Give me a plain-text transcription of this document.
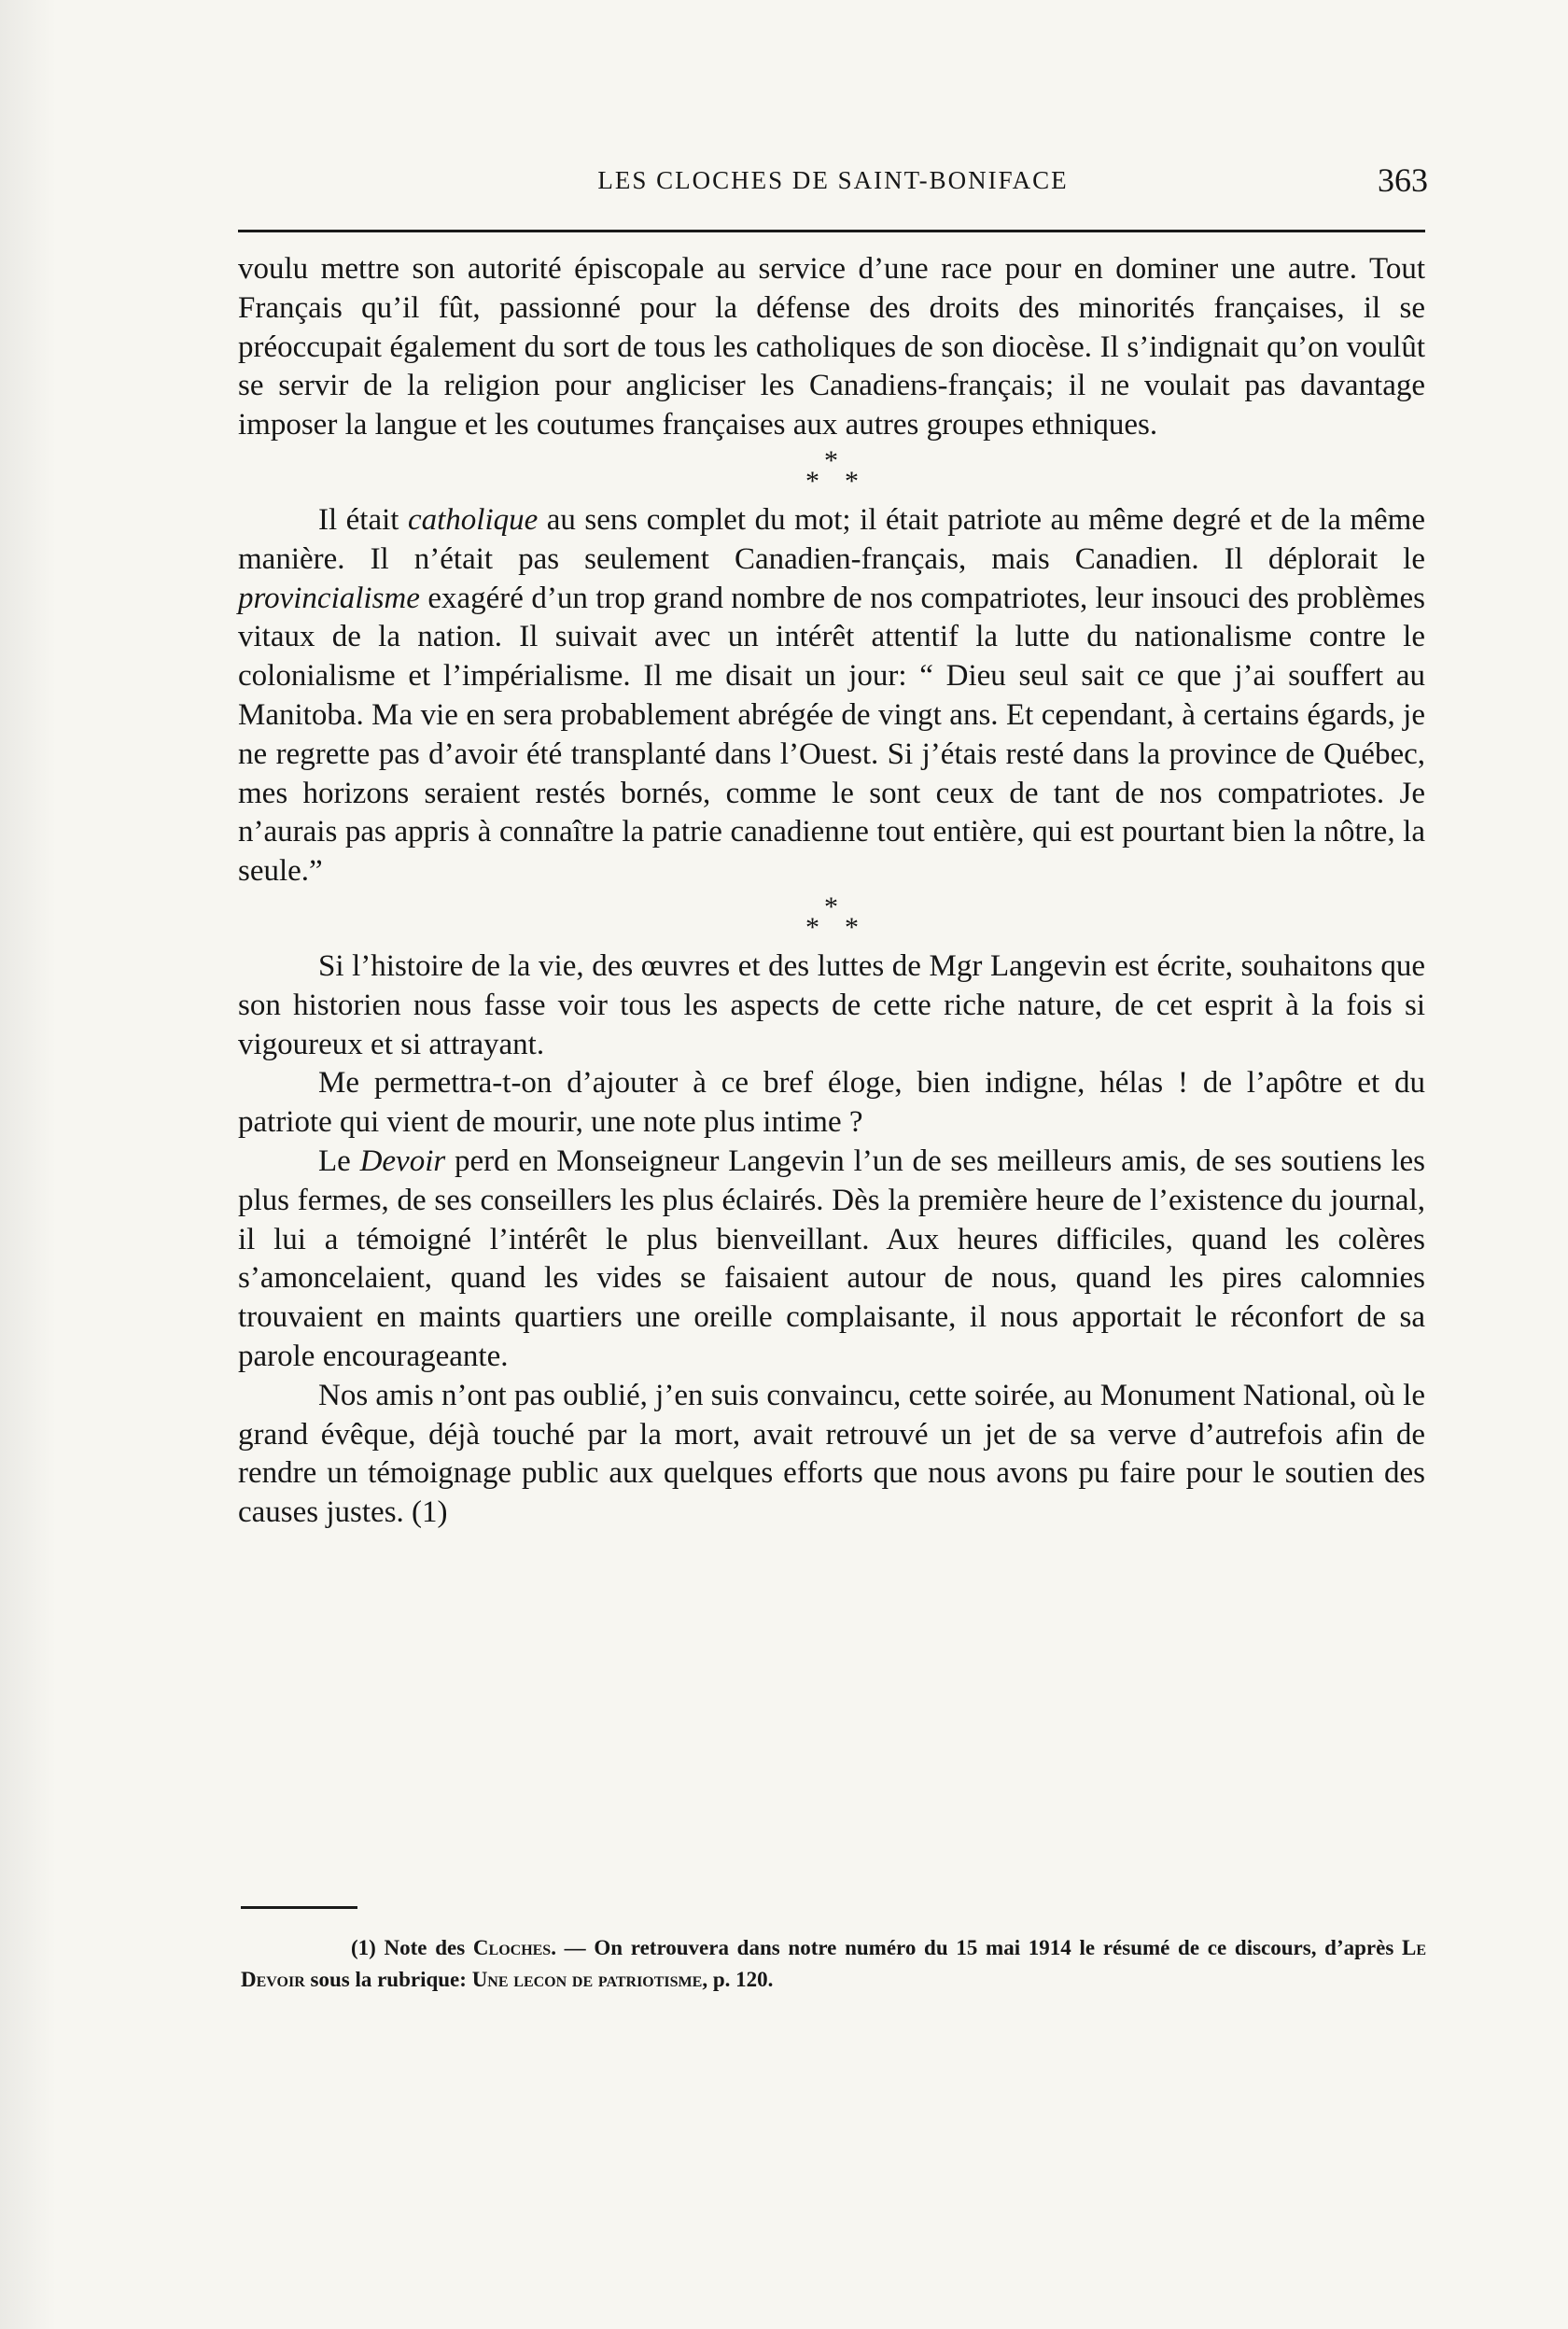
LES CLOCHES DE SAINT-BONIFACE	363

voulu mettre son autorité épiscopale au service d’une race pour en dominer une autre. Tout Français qu’il fût, passionné pour la défense des droits des minorités françaises, il se préoccupait également du sort de tous les catholiques de son diocèse. Il s’indignait qu’on voulût se servir de la religion pour angliciser les Canadiens-français; il ne voulait pas davantage imposer la langue et les coutumes françaises aux autres groupes ethniques.

*
* *

Il était catholique au sens complet du mot; il était patriote au même degré et de la même manière. Il n’était pas seulement Canadien-français, mais Canadien. Il déplorait le provincialisme exagéré d’un trop grand nombre de nos compatriotes, leur insouci des problèmes vitaux de la nation. Il suivait avec un intérêt attentif la lutte du nationalisme contre le colonialisme et l’impérialisme. Il me disait un jour: “ Dieu seul sait ce que j’ai souffert au Manitoba. Ma vie en sera probablement abrégée de vingt ans. Et cependant, à certains égards, je ne regrette pas d’avoir été transplanté dans l’Ouest. Si j’étais resté dans la province de Québec, mes horizons seraient restés bornés, comme le sont ceux de tant de nos compatriotes. Je n’aurais pas appris à connaître la patrie canadienne tout entière, qui est pourtant bien la nôtre, la seule.”

*
* *

Si l’histoire de la vie, des œuvres et des luttes de Mgr Langevin est écrite, souhaitons que son historien nous fasse voir tous les aspects de cette riche nature, de cet esprit à la fois si vigoureux et si attrayant.

Me permettra-t-on d’ajouter à ce bref éloge, bien indigne, hélas ! de l’apôtre et du patriote qui vient de mourir, une note plus intime ?

Le Devoir perd en Monseigneur Langevin l’un de ses meilleurs amis, de ses soutiens les plus fermes, de ses conseillers les plus éclairés. Dès la première heure de l’existence du journal, il lui a témoigné l’intérêt le plus bienveillant. Aux heures difficiles, quand les colères s’amoncelaient, quand les vides se faisaient autour de nous, quand les pires calomnies trouvaient en maints quartiers une oreille complaisante, il nous apportait le réconfort de sa parole encourageante.

Nos amis n’ont pas oublié, j’en suis convaincu, cette soirée, au Monument National, où le grand évêque, déjà touché par la mort, avait retrouvé un jet de sa verve d’autrefois afin de rendre un témoignage public aux quelques efforts que nous avons pu faire pour le soutien des causes justes. (1)

(1) Note des Cloches. — On retrouvera dans notre numéro du 15 mai 1914 le résumé de ce discours, d’après Le Devoir sous la rubrique: Une lecon de patriotisme, p. 120.
